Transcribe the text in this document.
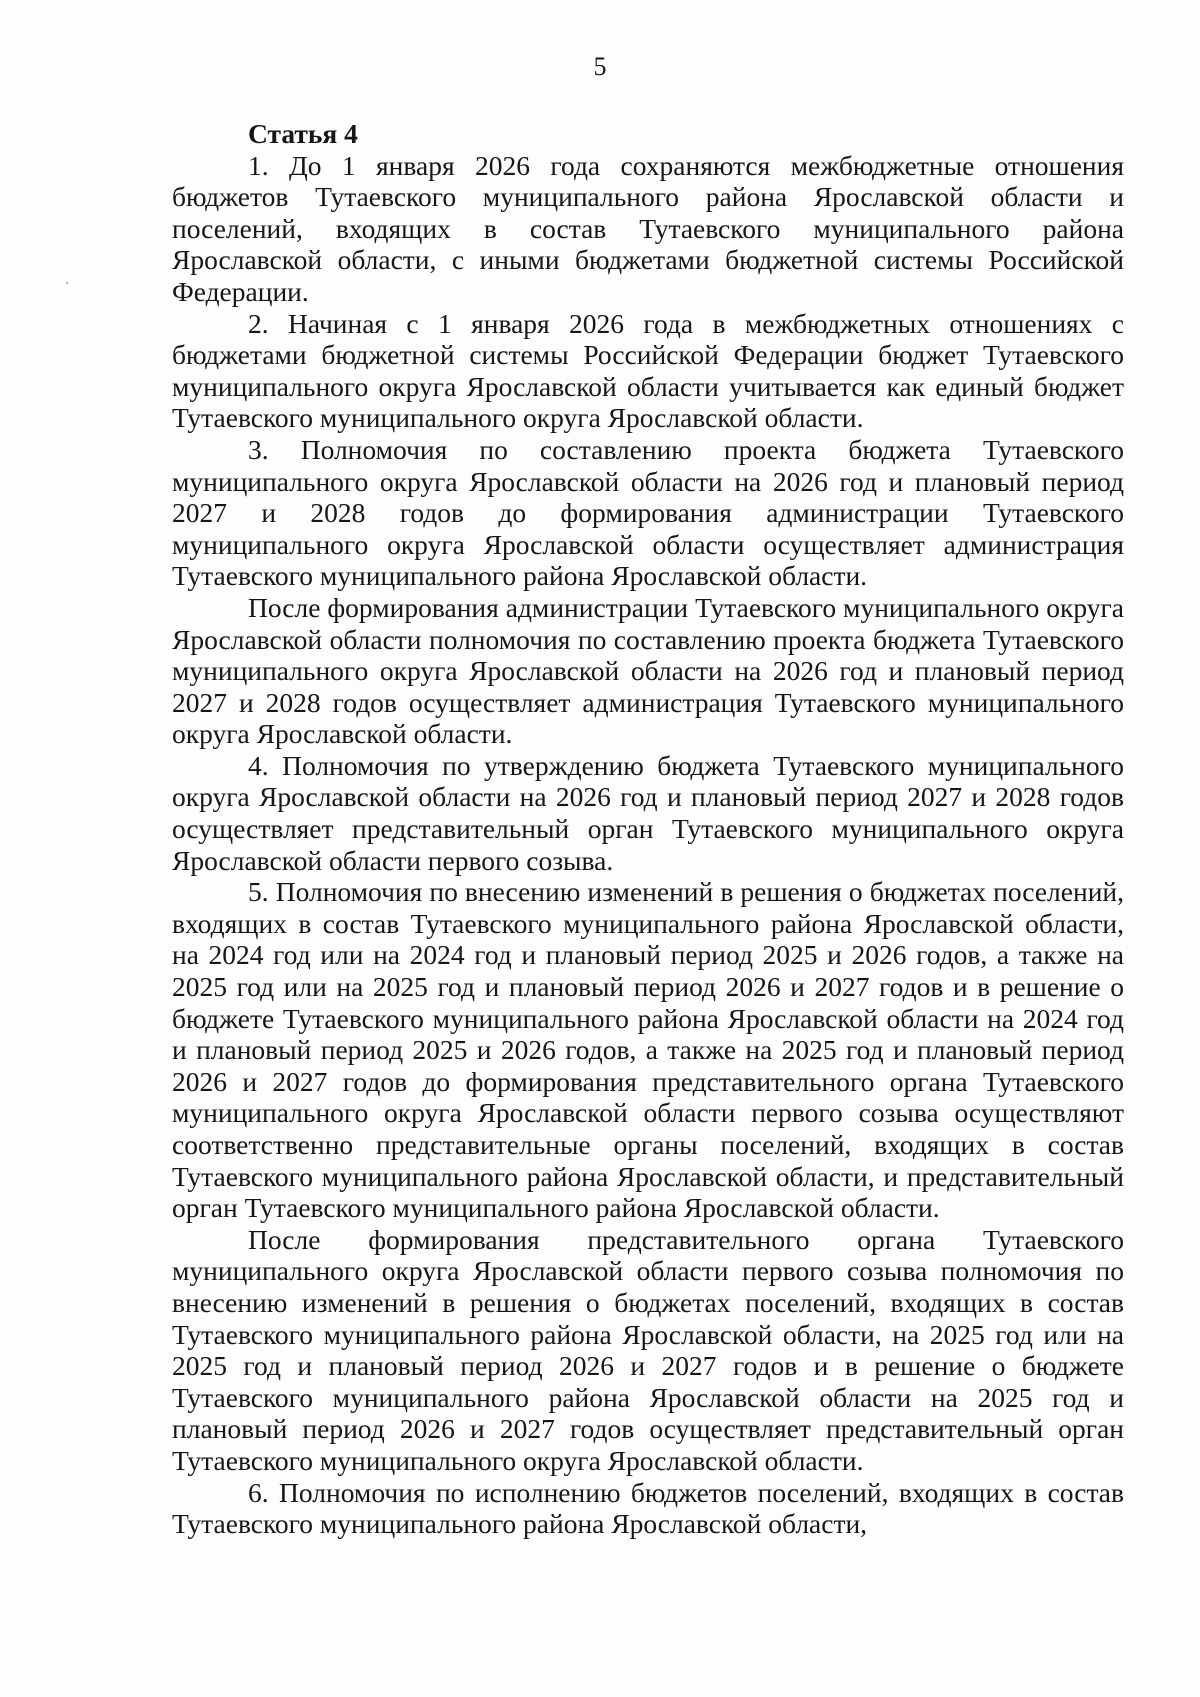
5

Статья 4

1. До 1 января 2026 года сохраняются межбюджетные отношения бюджетов Тутаевского муниципального района Ярославской области и поселений, входящих в состав Тутаевского муниципального района Ярославской области, с иными бюджетами бюджетной системы Российской Федерации.

2. Начиная с 1 января 2026 года в межбюджетных отношениях с бюджетами бюджетной системы Российской Федерации бюджет Тутаевского муниципального округа Ярославской области учитывается как единый бюджет Тутаевского муниципального округа Ярославской области.

3. Полномочия по составлению проекта бюджета Тутаевского муниципального округа Ярославской области на 2026 год и плановый период 2027 и 2028 годов до формирования администрации Тутаевского муниципального округа Ярославской области осуществляет администрация Тутаевского муниципального района Ярославской области.

После формирования администрации Тутаевского муниципального округа Ярославской области полномочия по составлению проекта бюджета Тутаевского муниципального округа Ярославской области на 2026 год и плановый период 2027 и 2028 годов осуществляет администрация Тутаевского муниципального округа Ярославской области.

4. Полномочия по утверждению бюджета Тутаевского муниципального округа Ярославской области на 2026 год и плановый период 2027 и 2028 годов осуществляет представительный орган Тутаевского муниципального округа Ярославской области первого созыва.

5. Полномочия по внесению изменений в решения о бюджетах поселений, входящих в состав Тутаевского муниципального района Ярославской области, на 2024 год или на 2024 год и плановый период 2025 и 2026 годов, а также на 2025 год или на 2025 год и плановый период 2026 и 2027 годов и в решение о бюджете Тутаевского муниципального района Ярославской области на 2024 год и плановый период 2025 и 2026 годов, а также на 2025 год и плановый период 2026 и 2027 годов до формирования представительного органа Тутаевского муниципального округа Ярославской области первого созыва осуществляют соответственно представительные органы поселений, входящих в состав Тутаевского муниципального района Ярославской области, и представительный орган Тутаевского муниципального района Ярославской области.

После формирования представительного органа Тутаевского муниципального округа Ярославской области первого созыва полномочия по внесению изменений в решения о бюджетах поселений, входящих в состав Тутаевского муниципального района Ярославской области, на 2025 год или на 2025 год и плановый период 2026 и 2027 годов и в решение о бюджете Тутаевского муниципального района Ярославской области на 2025 год и плановый период 2026 и 2027 годов осуществляет представительный орган Тутаевского муниципального округа Ярославской области.

6. Полномочия по исполнению бюджетов поселений, входящих в состав Тутаевского муниципального района Ярославской области,
